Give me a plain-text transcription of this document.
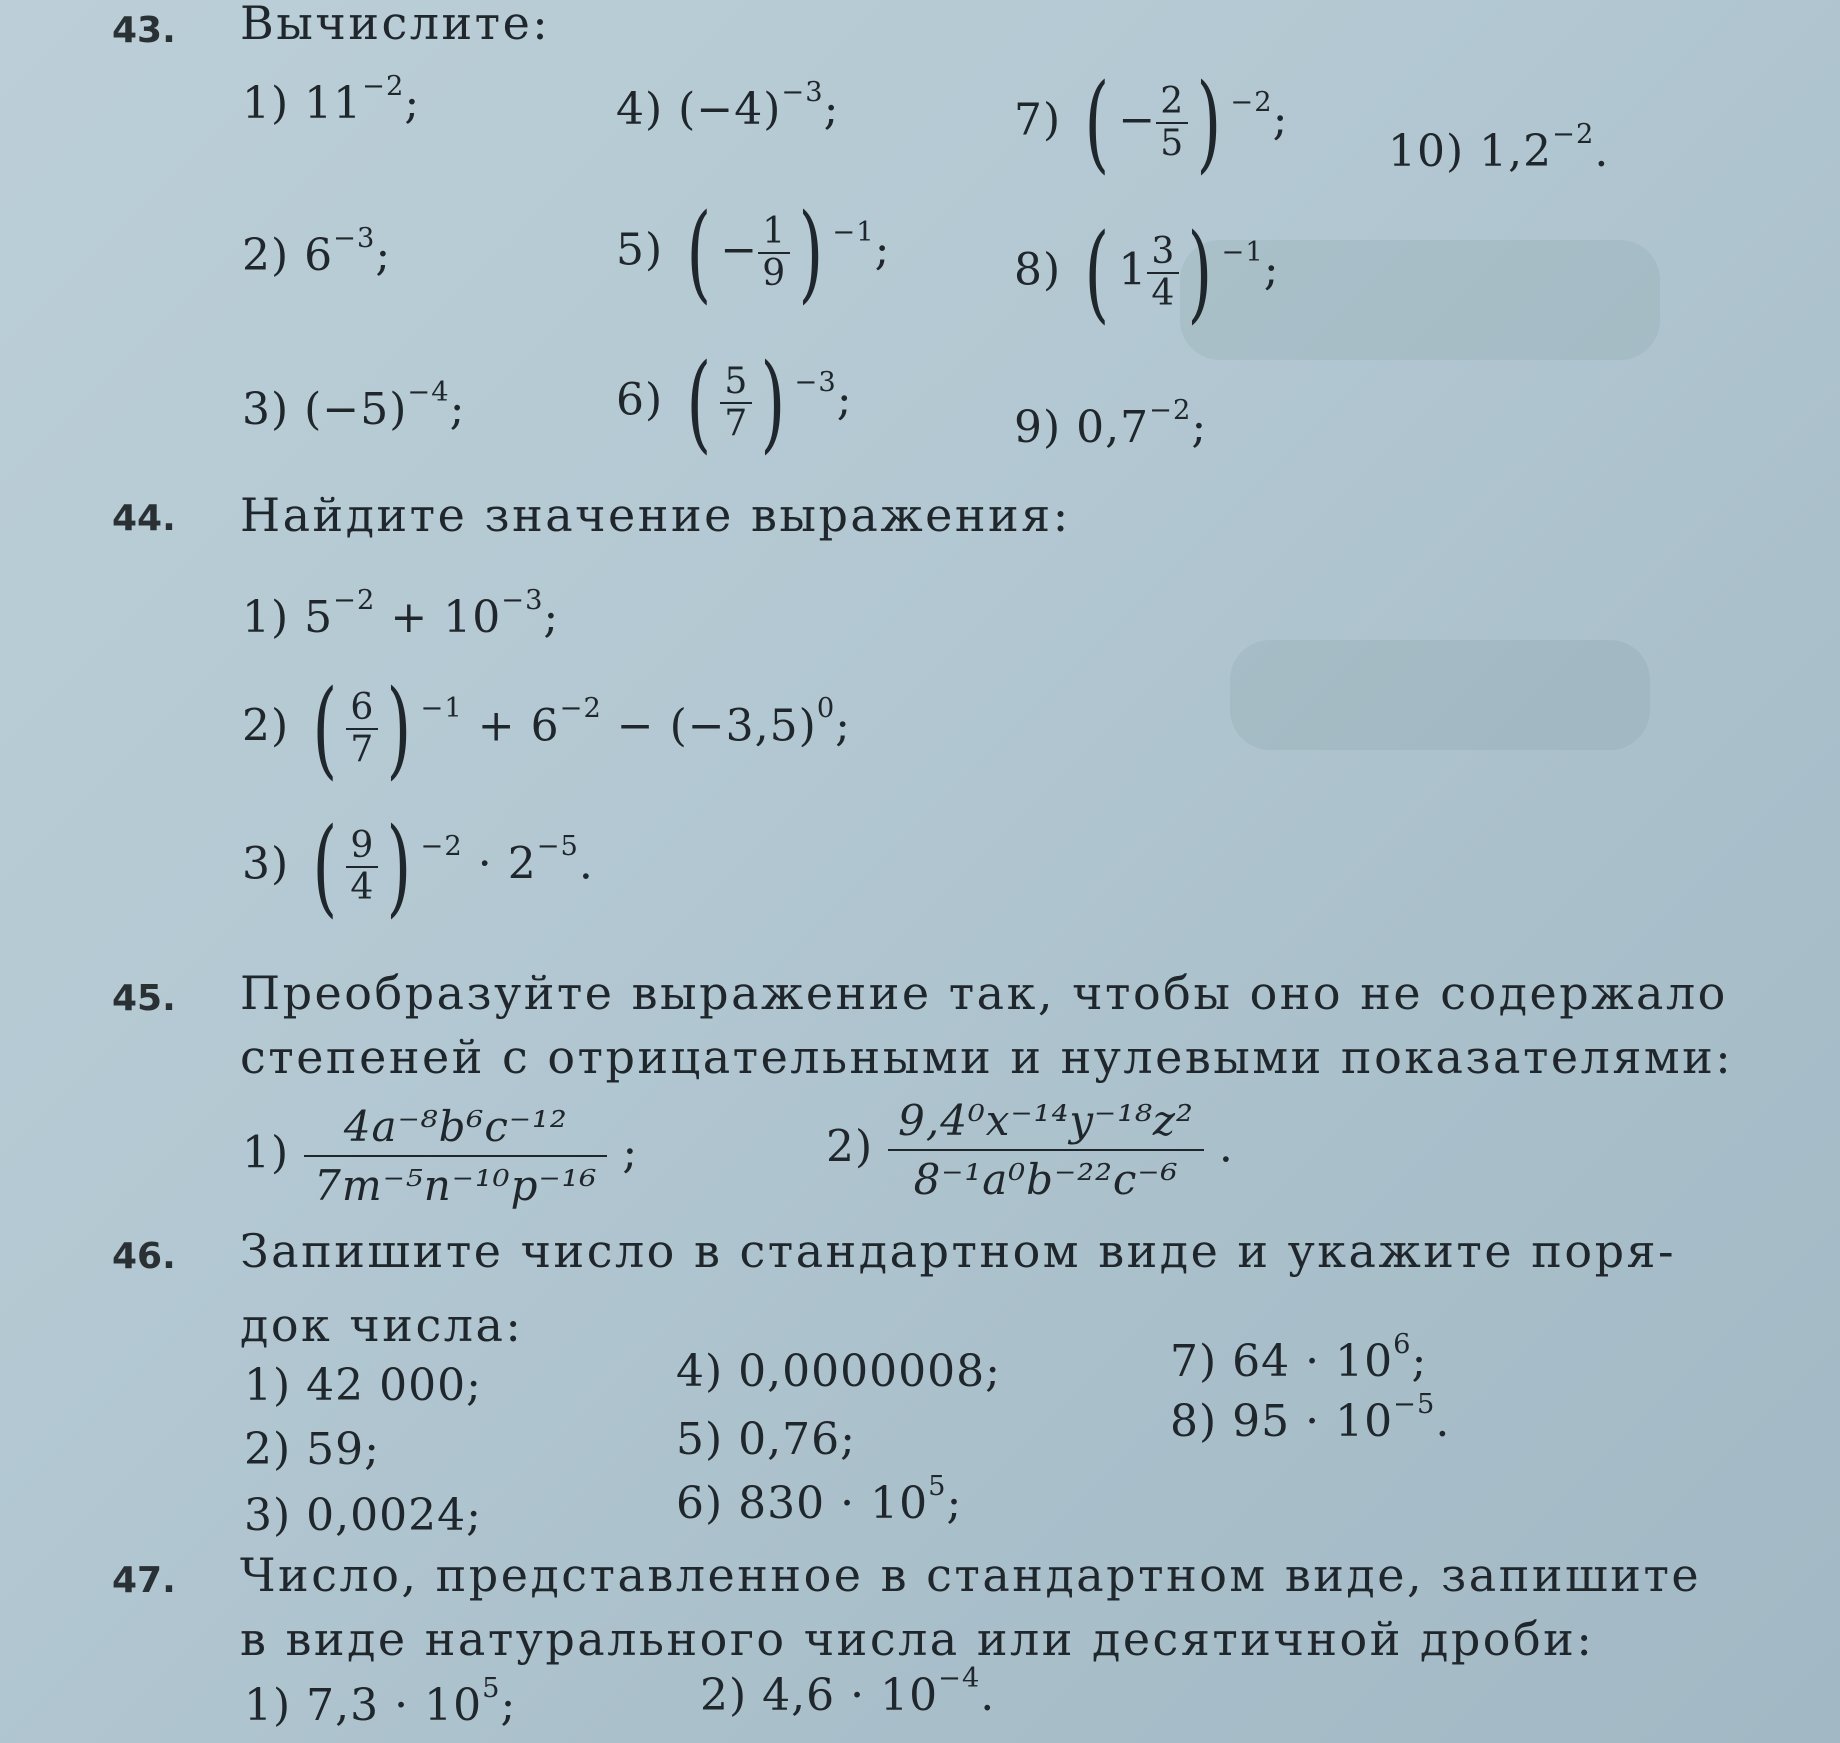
43. Вычислите:
1) $11^{-2}$;
2) $6^{-3}$;
3) $(-5)^{-4}$;
4) $(-4)^{-3}$;
5) ( − $\frac{1}{9}$ ) $^{-1}$;
6) ( $\frac{5}{7}$ ) $^{-3}$;
7) ( − $\frac{2}{5}$ ) $^{-2}$;
8) ( $1 \frac{3}{4}$ ) $^{-1}$;
9) $0,7^{-2}$;
10) $1,2^{-2}$.
44. Найдите значение выражения:
1) $5^{-2} + 10^{-3}$;
2) ( $\frac{6}{7}$ ) $^{-1} + 6^{-2} - (-3,5)^0$;
3) ( $\frac{9}{4}$ ) $^{-2} \cdot 2^{-5}$.
45. Преобразуйте выражение так, чтобы оно не содержало
степеней с отрицательными и нулевыми показателями:
$1) \frac{\text{4a⁻⁸b⁶c⁻¹²}}{\text{7m⁻⁵n⁻¹⁰p⁻¹⁶}}$ ;	$2) \frac{\text{9,4⁰x⁻¹⁴y⁻¹⁸z²}}{\text{8⁻¹a⁰b⁻²²c⁻⁶}}$ .
46. Запишите число в стандартном виде и укажите поря-
док числа:
1) 42 000;
2) 59;
3) 0,0024;
4) 0,0000008;
5) 0,76;
6) $830 \cdot 10^5$;
7) $64 \cdot 10^6$;
8) $95 \cdot 10^{-5}$.
47. Число, представленное в стандартном виде, запишите
в виде натурального числа или десятичной дроби:
1) $7,3 \cdot 10^5$;	2) $4,6 \cdot 10^{-4}$.
